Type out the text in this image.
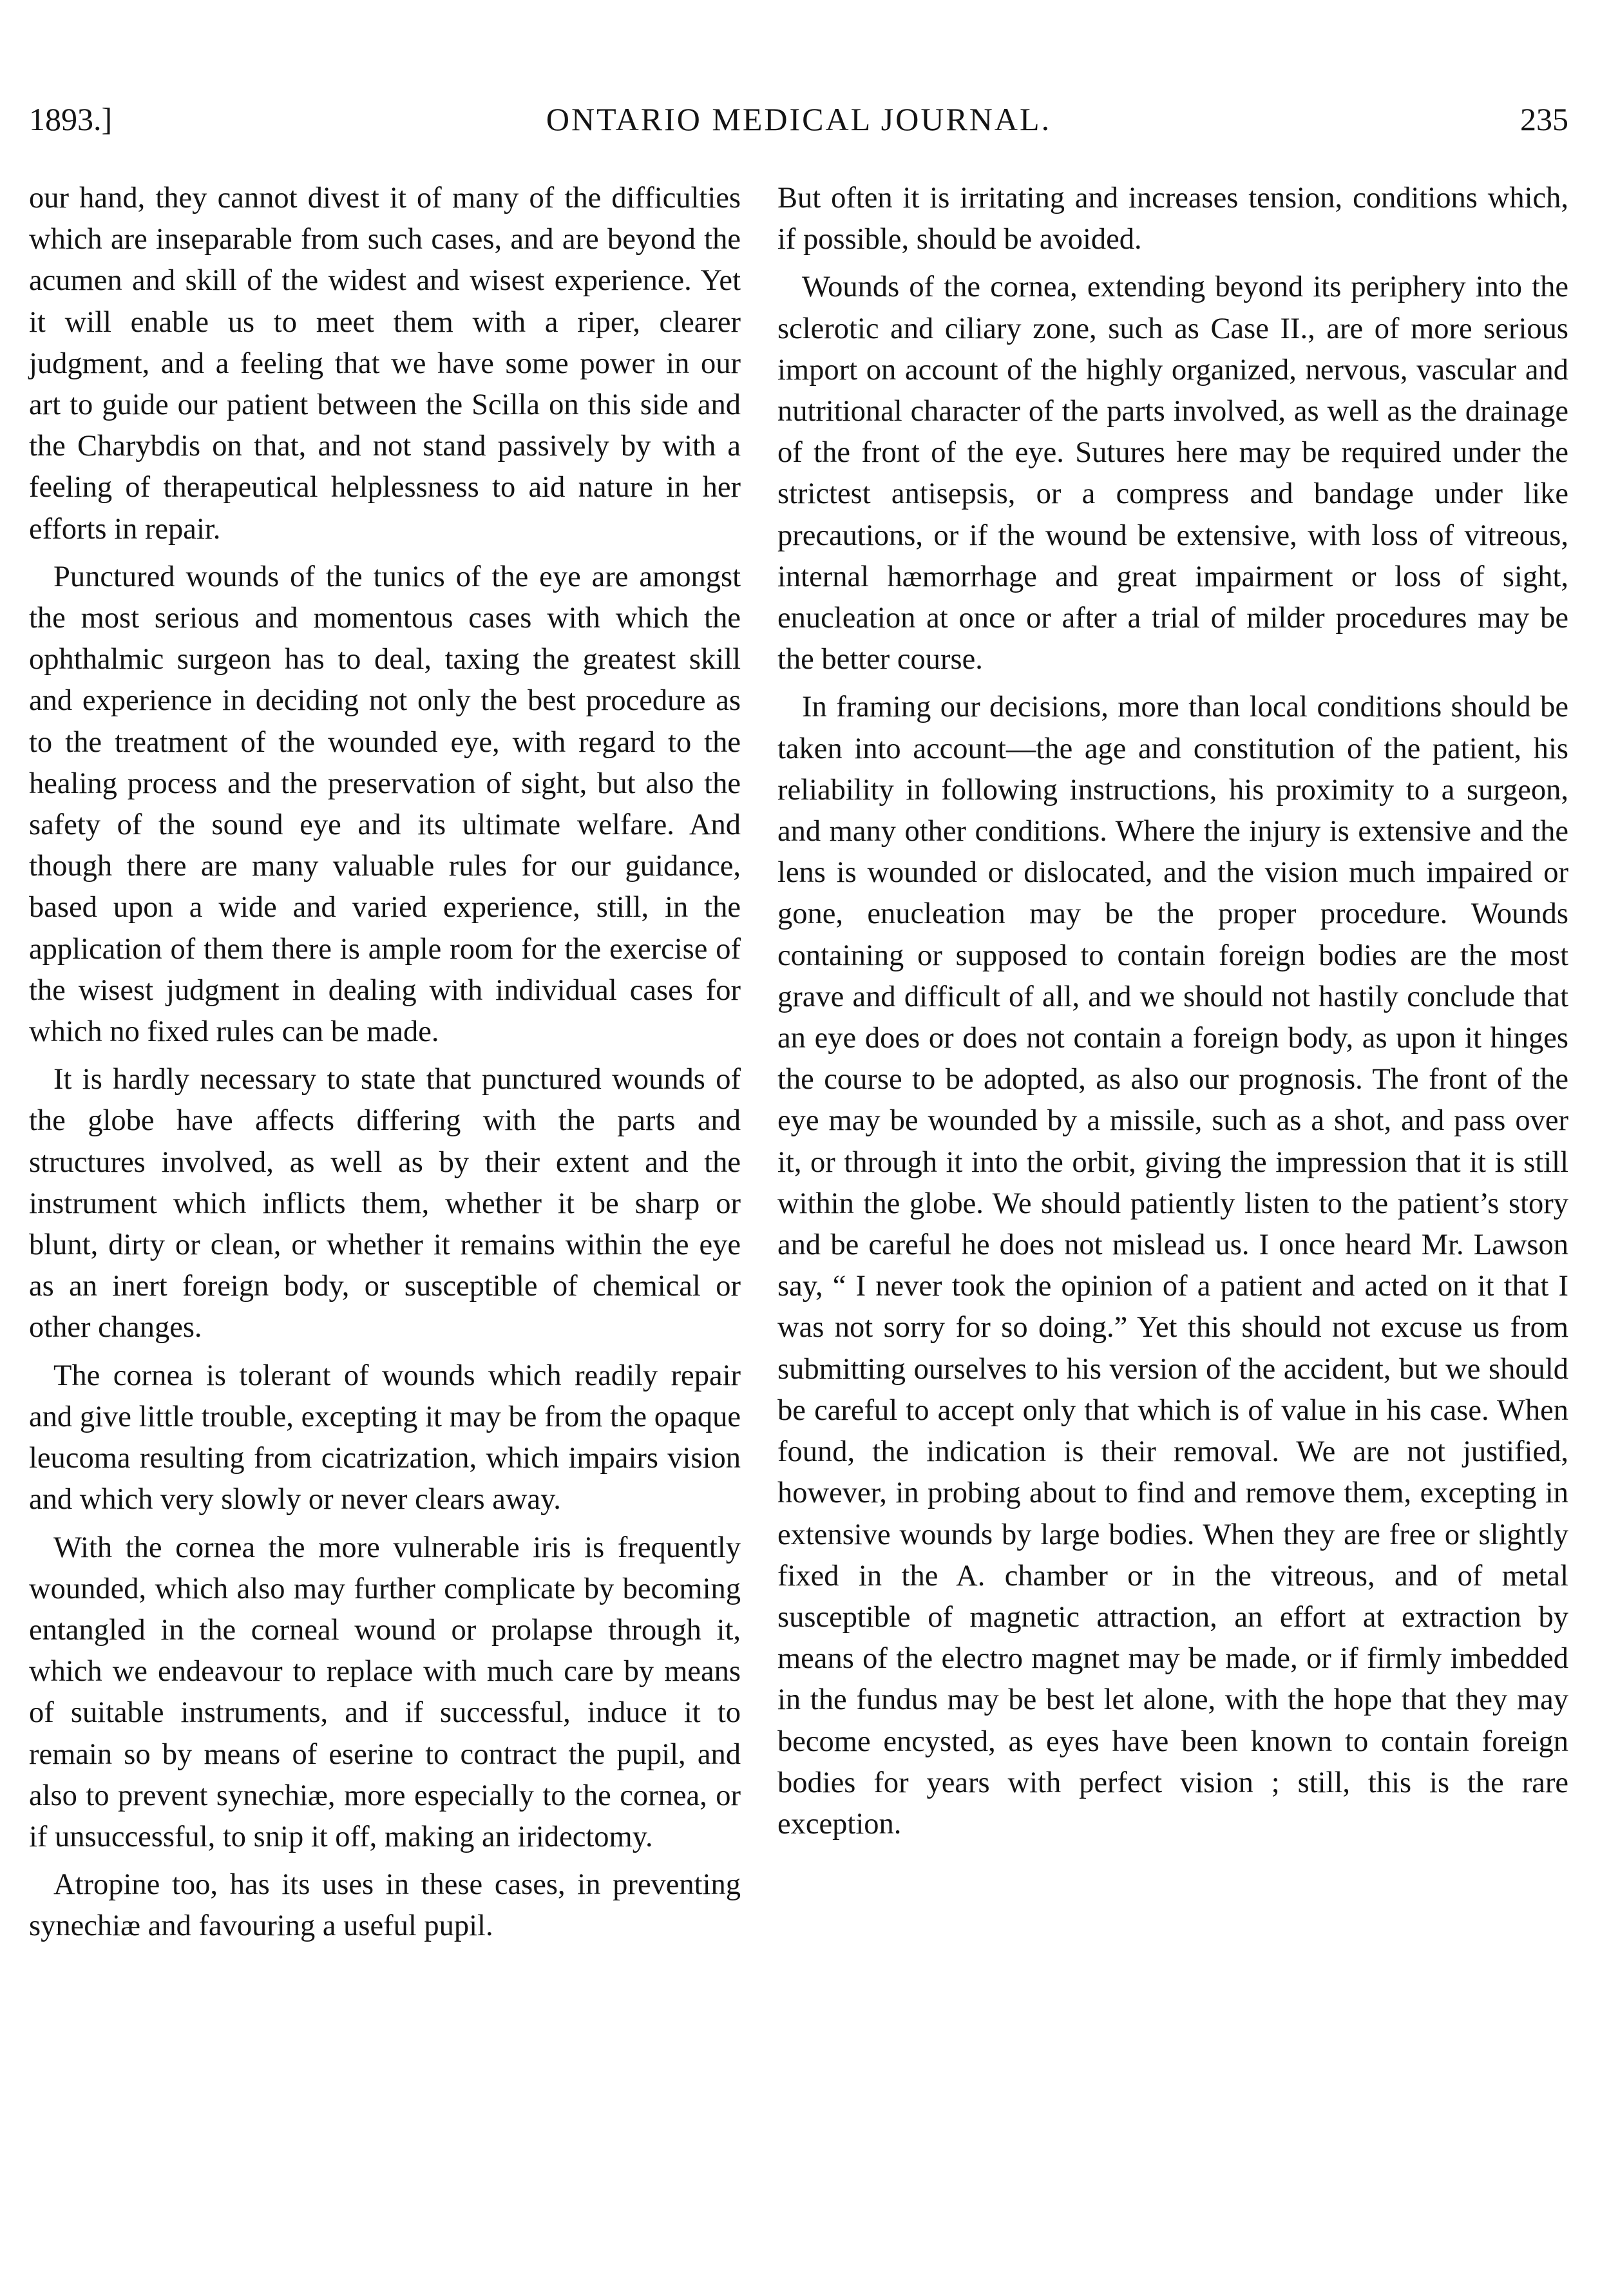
1893.]	ONTARIO MEDICAL JOURNAL.	235

our hand, they cannot divest it of many of the difficulties which are inseparable from such cases, and are beyond the acumen and skill of the widest and wisest experience. Yet it will enable us to meet them with a riper, clearer judgment, and a feeling that we have some power in our art to guide our patient between the Scilla on this side and the Charybdis on that, and not stand passively by with a feeling of therapeutical helplessness to aid nature in her efforts in repair.

Punctured wounds of the tunics of the eye are amongst the most serious and momentous cases with which the ophthalmic surgeon has to deal, taxing the greatest skill and experience in deciding not only the best procedure as to the treatment of the wounded eye, with regard to the healing process and the preservation of sight, but also the safety of the sound eye and its ultimate welfare. And though there are many valuable rules for our guidance, based upon a wide and varied experience, still, in the application of them there is ample room for the exercise of the wisest judgment in dealing with individual cases for which no fixed rules can be made.

It is hardly necessary to state that punctured wounds of the globe have affects differing with the parts and structures involved, as well as by their extent and the instrument which inflicts them, whether it be sharp or blunt, dirty or clean, or whether it remains within the eye as an inert foreign body, or susceptible of chemical or other changes.

The cornea is tolerant of wounds which readily repair and give little trouble, excepting it may be from the opaque leucoma resulting from cicatrization, which impairs vision and which very slowly or never clears away.

With the cornea the more vulnerable iris is frequently wounded, which also may further complicate by becoming entangled in the corneal wound or prolapse through it, which we endeavour to replace with much care by means of suitable instruments, and if successful, induce it to remain so by means of eserine to contract the pupil, and also to prevent synechiæ, more especially to the cornea, or if unsuccessful, to snip it off, making an iridectomy.

Atropine too, has its uses in these cases, in preventing synechiæ and favouring a useful pupil.

But often it is irritating and increases tension, conditions which, if possible, should be avoided.

Wounds of the cornea, extending beyond its periphery into the sclerotic and ciliary zone, such as Case II., are of more serious import on account of the highly organized, nervous, vascular and nutritional character of the parts involved, as well as the drainage of the front of the eye. Sutures here may be required under the strictest antisepsis, or a compress and bandage under like precautions, or if the wound be extensive, with loss of vitreous, internal hæmorrhage and great impairment or loss of sight, enucleation at once or after a trial of milder procedures may be the better course.

In framing our decisions, more than local conditions should be taken into account—the age and constitution of the patient, his reliability in following instructions, his proximity to a surgeon, and many other conditions. Where the injury is extensive and the lens is wounded or dislocated, and the vision much impaired or gone, enucleation may be the proper procedure. Wounds containing or supposed to contain foreign bodies are the most grave and difficult of all, and we should not hastily conclude that an eye does or does not contain a foreign body, as upon it hinges the course to be adopted, as also our prognosis. The front of the eye may be wounded by a missile, such as a shot, and pass over it, or through it into the orbit, giving the impression that it is still within the globe. We should patiently listen to the patient’s story and be careful he does not mislead us. I once heard Mr. Lawson say, “ I never took the opinion of a patient and acted on it that I was not sorry for so doing.” Yet this should not excuse us from submitting ourselves to his version of the accident, but we should be careful to accept only that which is of value in his case. When found, the indication is their removal. We are not justified, however, in probing about to find and remove them, excepting in extensive wounds by large bodies. When they are free or slightly fixed in the A. chamber or in the vitreous, and of metal susceptible of magnetic attraction, an effort at extraction by means of the electro magnet may be made, or if firmly imbedded in the fundus may be best let alone, with the hope that they may become encysted, as eyes have been known to contain foreign bodies for years with perfect vision ; still, this is the rare exception.
